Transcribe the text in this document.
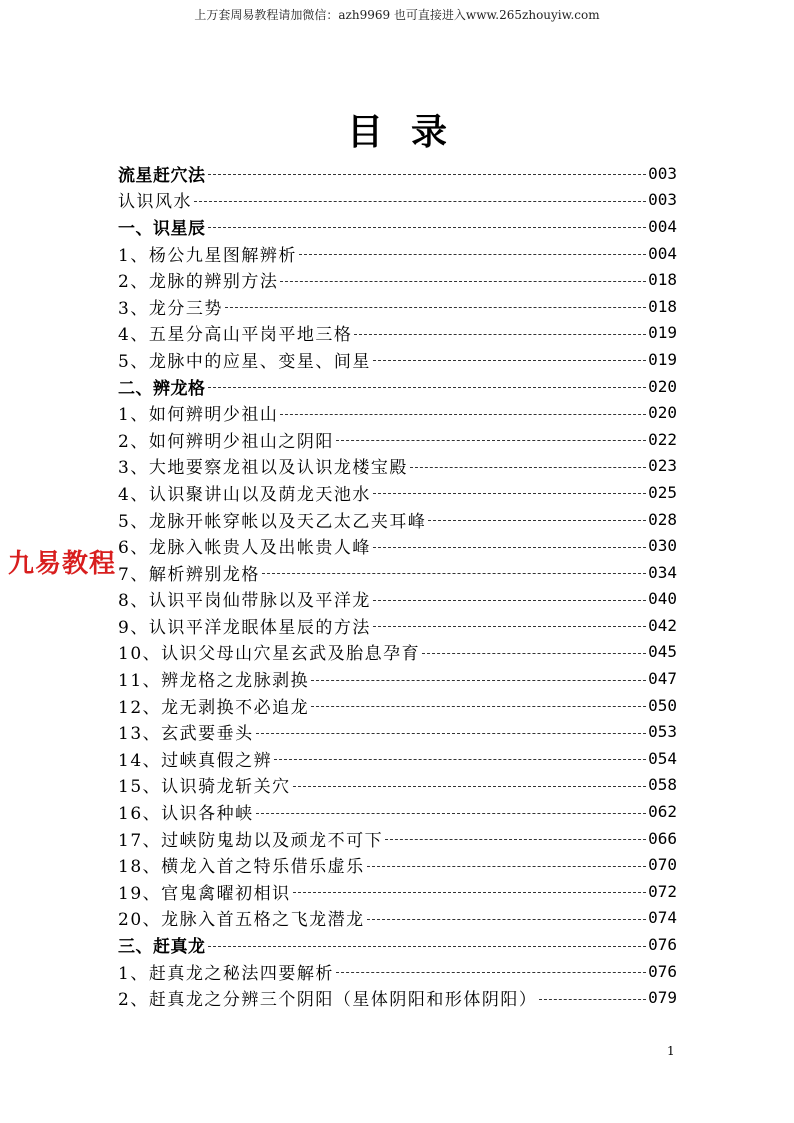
上万套周易教程请加微信：azh9969 也可直接进入www.265zhouyiw.com
目录
流星赶穴法	003
认识风水	003
一、识星辰	004
1、杨公九星图解辨析	004
2、龙脉的辨别方法	018
3、龙分三势	018
4、五星分高山平岗平地三格	019
5、龙脉中的应星、变星、间星	019
二、辨龙格	020
1、如何辨明少祖山	020
2、如何辨明少祖山之阴阳	022
3、大地要察龙祖以及认识龙楼宝殿	023
4、认识聚讲山以及荫龙天池水	025
5、龙脉开帐穿帐以及天乙太乙夹耳峰	028
6、龙脉入帐贵人及出帐贵人峰	030
7、解析辨别龙格	034
8、认识平岗仙带脉以及平洋龙	040
9、认识平洋龙眠体星辰的方法	042
10、认识父母山穴星玄武及胎息孕育	045
11、辨龙格之龙脉剥换	047
12、龙无剥换不必追龙	050
13、玄武要垂头	053
14、过峡真假之辨	054
15、认识骑龙斩关穴	058
16、认识各种峡	062
17、过峡防鬼劫以及顽龙不可下	066
18、横龙入首之特乐借乐虚乐	070
19、官鬼禽曜初相识	072
20、龙脉入首五格之飞龙潜龙	074
三、赶真龙	076
1、赶真龙之秘法四要解析	076
2、赶真龙之分辨三个阴阳（星体阴阳和形体阴阳）	079
九易教程
1
